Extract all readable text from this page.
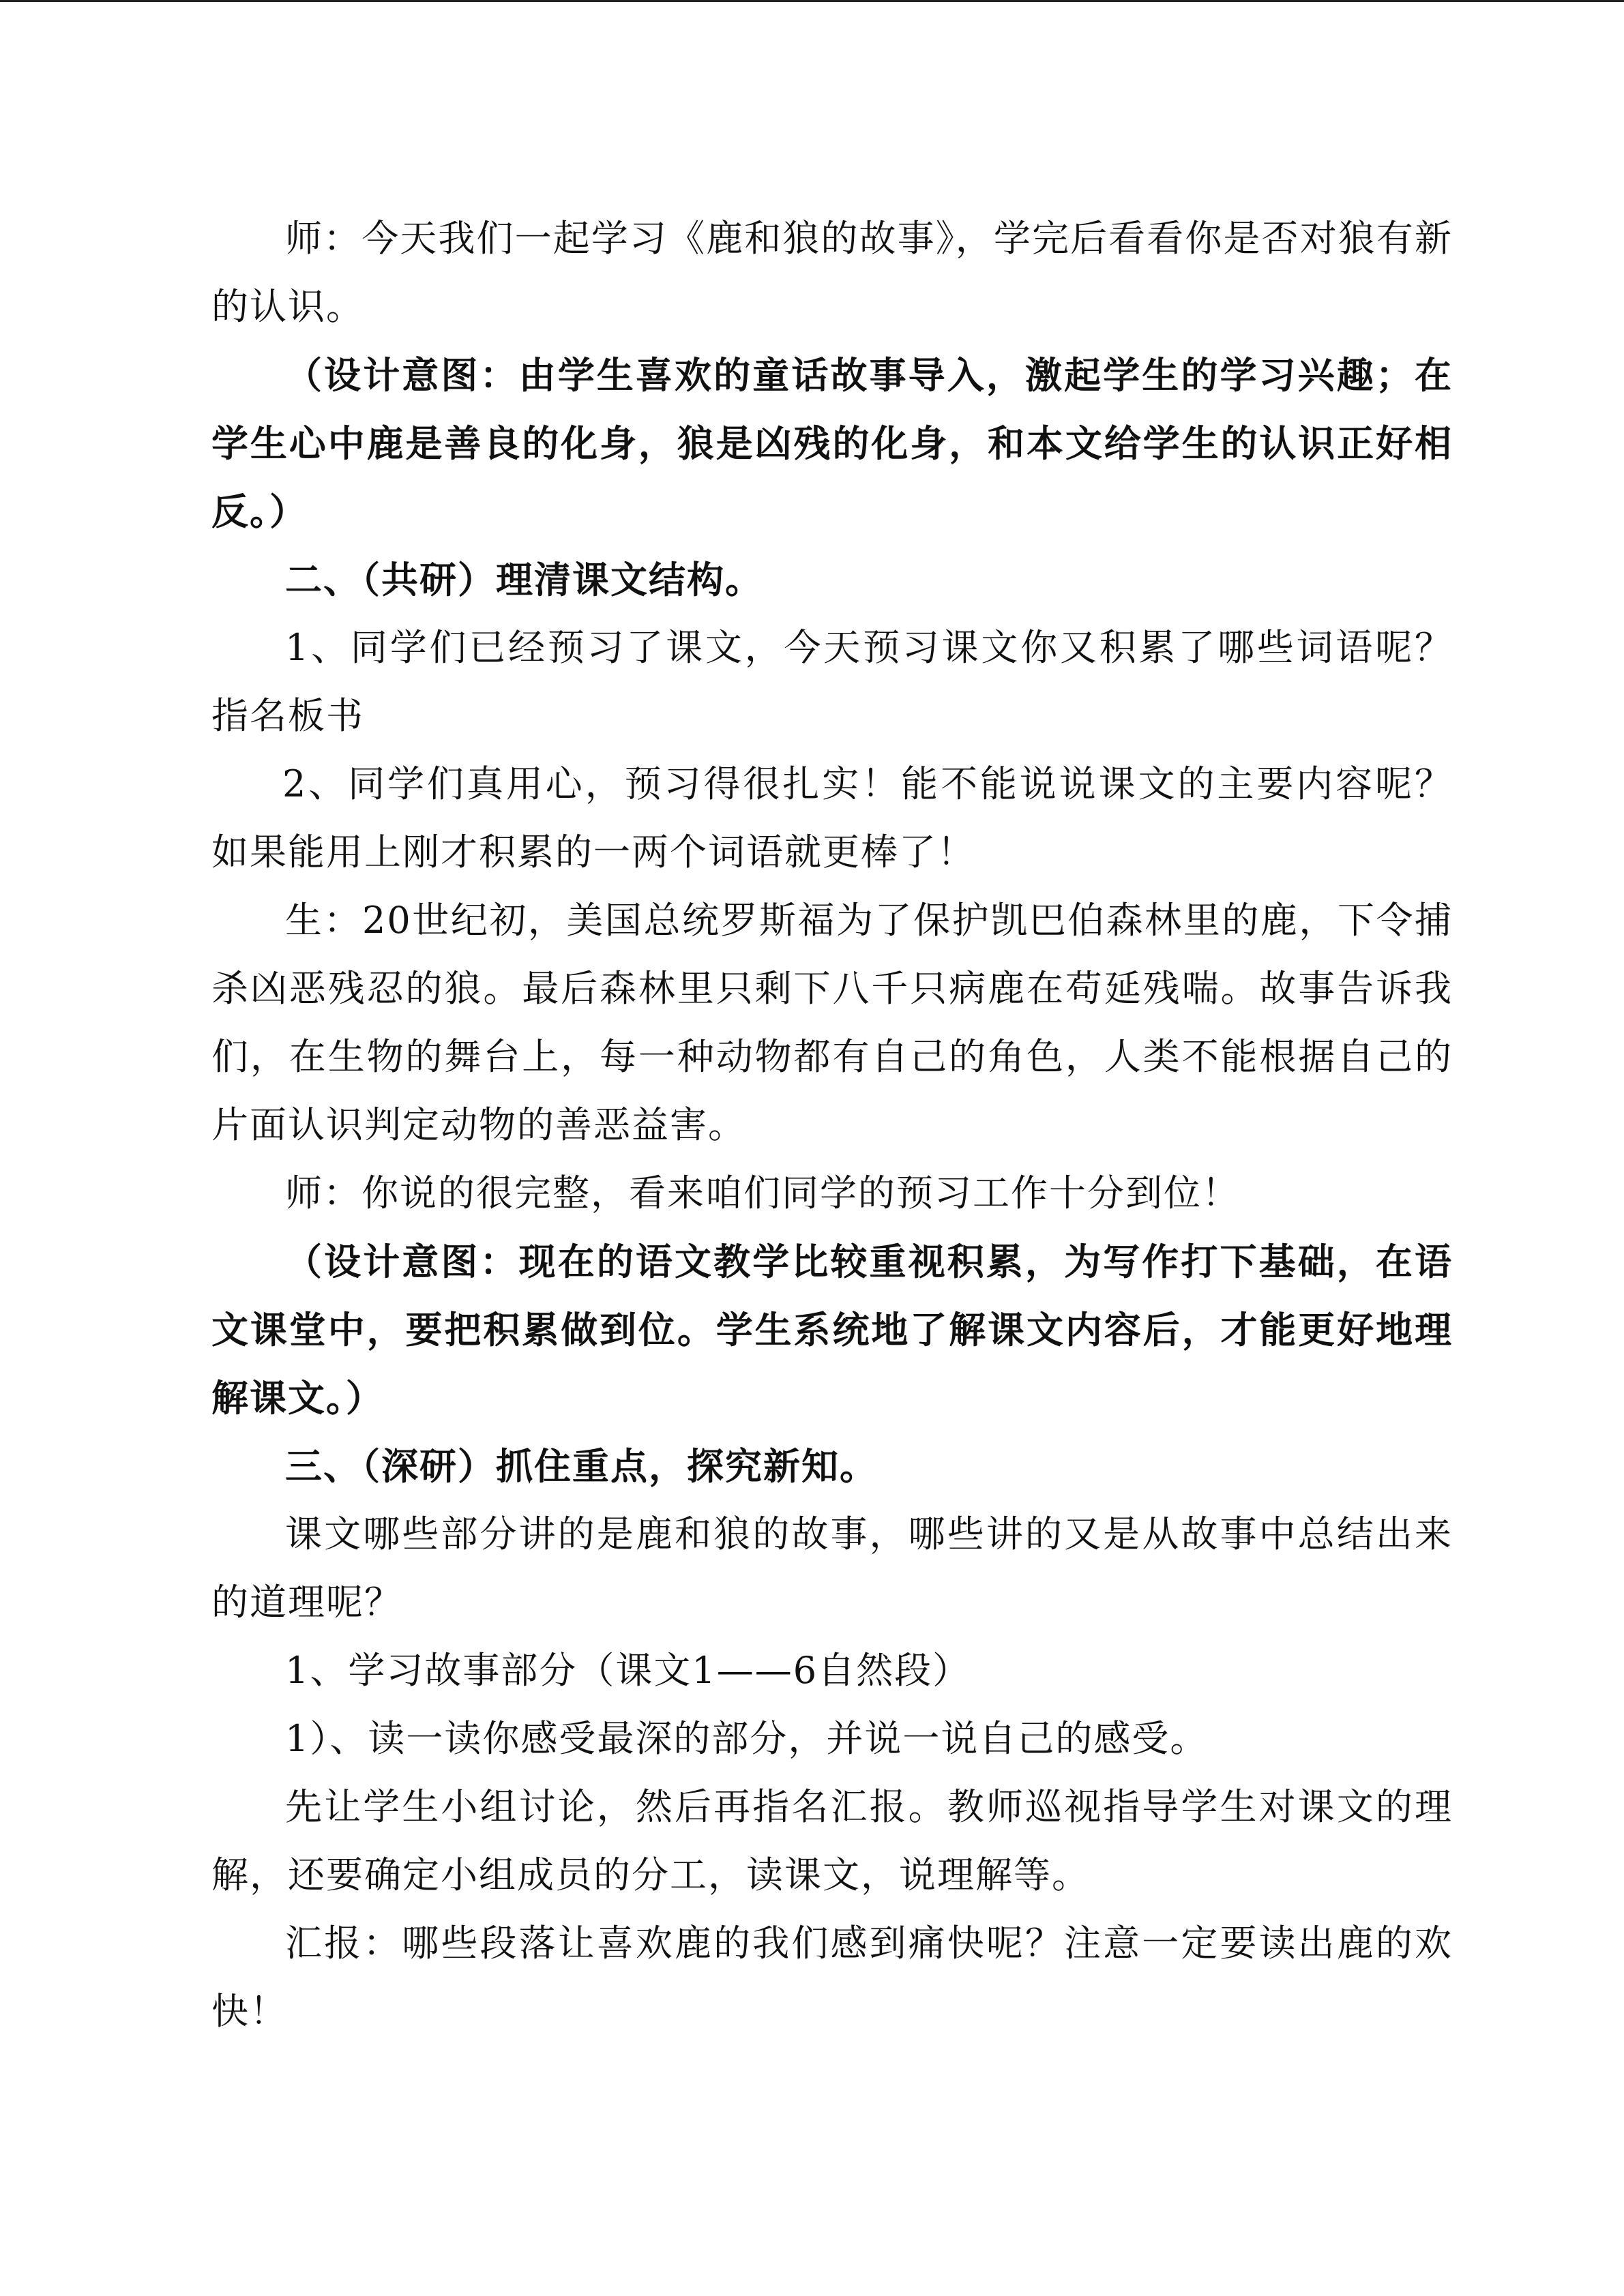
师：今天我们一起学习《鹿和狼的故事》，学完后看看你是否对狼有新的认识。

（设计意图：由学生喜欢的童话故事导入，激起学生的学习兴趣；在学生心中鹿是善良的化身，狼是凶残的化身，和本文给学生的认识正好相反。）

二、（共研）理清课文结构。

1、同学们已经预习了课文，今天预习课文你又积累了哪些词语呢？指名板书

2、同学们真用心，预习得很扎实！能不能说说课文的主要内容呢？如果能用上刚才积累的一两个词语就更棒了！

生：20世纪初，美国总统罗斯福为了保护凯巴伯森林里的鹿，下令捕杀凶恶残忍的狼。最后森林里只剩下八千只病鹿在苟延残喘。故事告诉我们，在生物的舞台上，每一种动物都有自己的角色，人类不能根据自己的片面认识判定动物的善恶益害。

师：你说的很完整，看来咱们同学的预习工作十分到位！

（设计意图：现在的语文教学比较重视积累，为写作打下基础，在语文课堂中，要把积累做到位。学生系统地了解课文内容后，才能更好地理解课文。）

三、（深研）抓住重点，探究新知。

课文哪些部分讲的是鹿和狼的故事，哪些讲的又是从故事中总结出来的道理呢？

1、学习故事部分（课文1——6自然段）

1）、读一读你感受最深的部分，并说一说自己的感受。

先让学生小组讨论，然后再指名汇报。教师巡视指导学生对课文的理解，还要确定小组成员的分工，读课文，说理解等。

汇报：哪些段落让喜欢鹿的我们感到痛快呢？注意一定要读出鹿的欢快！
